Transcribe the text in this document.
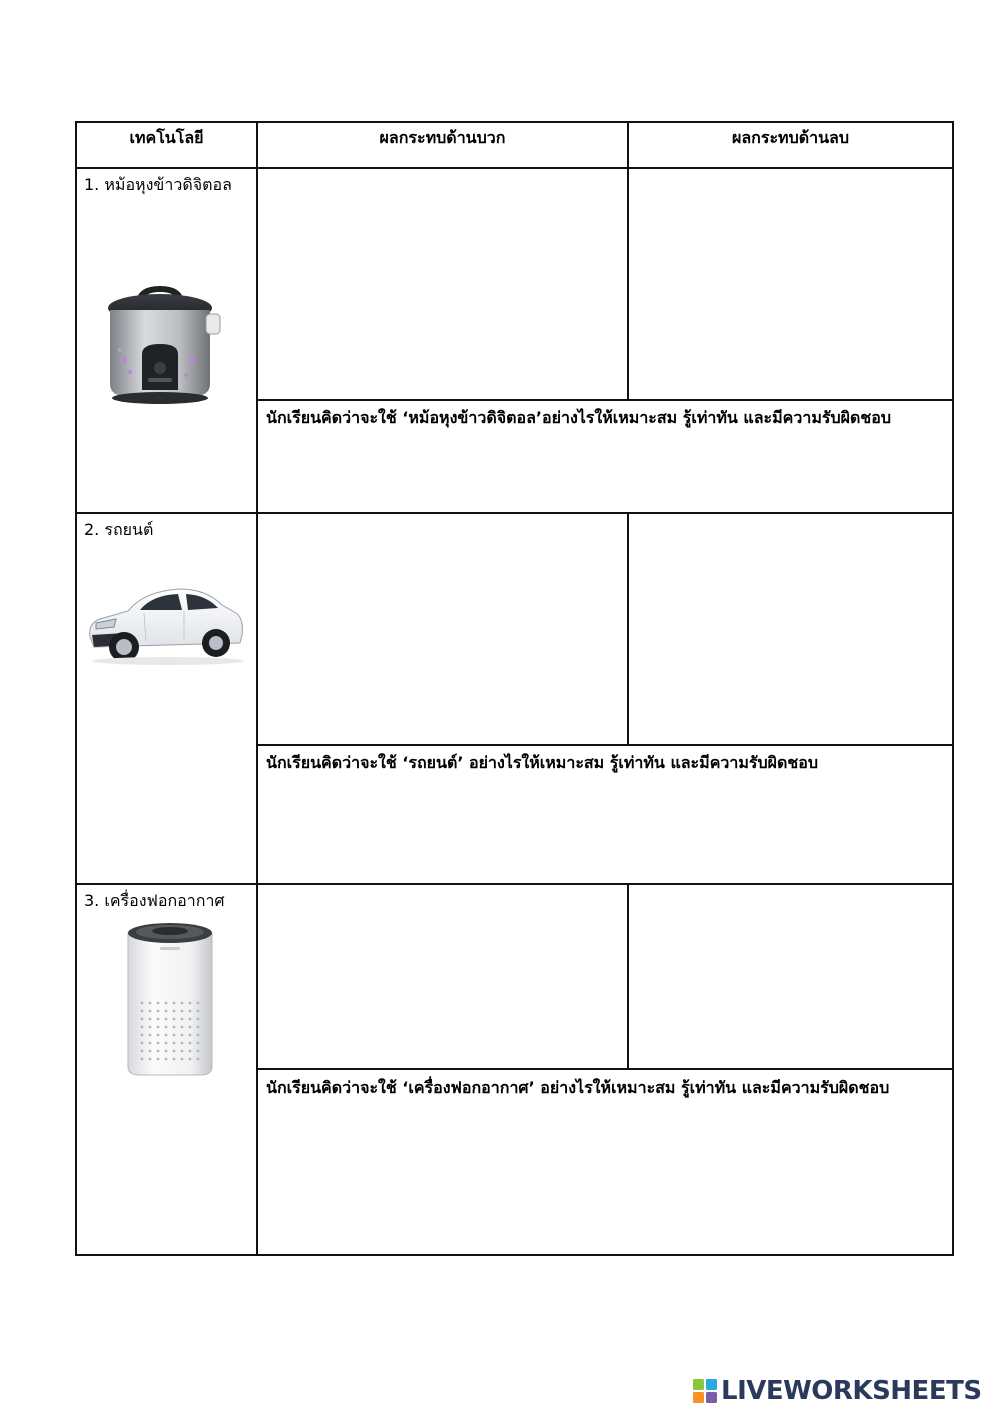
เทคโนโลยี	ผลกระทบด้านบวก	ผลกระทบด้านลบ
1. หม้อหุงข้าวดิจิตอล
นักเรียนคิดว่าจะใช้ ‘หม้อหุงข้าวดิจิตอล’อย่างไรให้เหมาะสม รู้เท่าทัน และมีความรับผิดชอบ
2. รถยนต์
นักเรียนคิดว่าจะใช้ ‘รถยนต์’ อย่างไรให้เหมาะสม รู้เท่าทัน และมีความรับผิดชอบ
3. เครื่องฟอกอากาศ
นักเรียนคิดว่าจะใช้ ‘เครื่องฟอกอากาศ’ อย่างไรให้เหมาะสม รู้เท่าทัน และมีความรับผิดชอบ
LIVEWORKSHEETS
